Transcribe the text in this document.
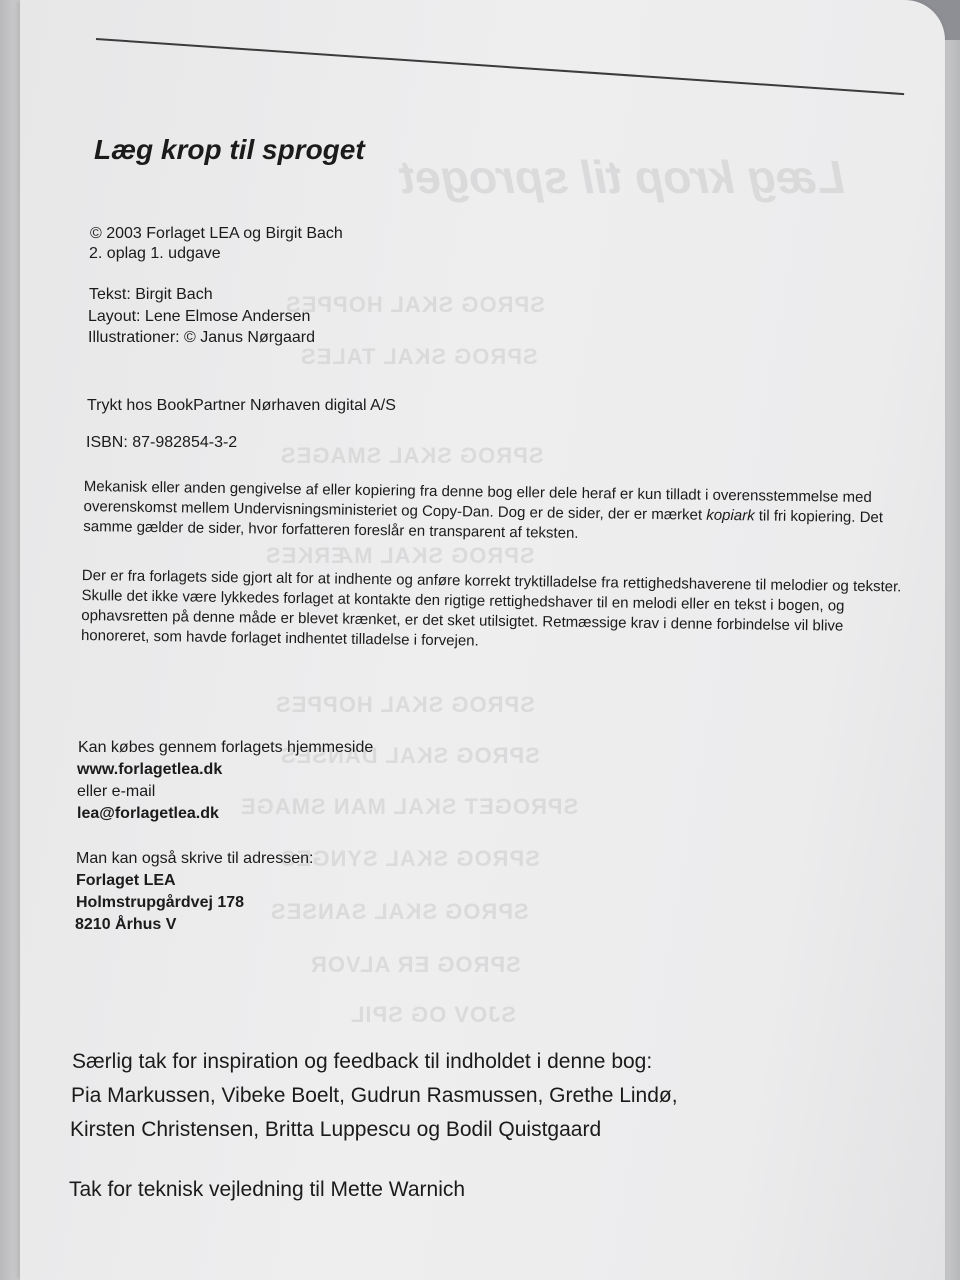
Læg krop til sproget
SPROG SKAL HOPPES
SPROG SKAL TALES
SPROG SKAL SMAGES
SPROG SKAL MÆRKES
SPROG SKAL HOPPES
SPROG SKAL DANSES
SPROGET SKAL MAN SMAGE
SPROG SKAL SYNGES
SPROG SKAL SANSES
SPROG ER ALVOR
SJOV OG SPIL
Læg krop til sproget
© 2003 Forlaget LEA og Birgit Bach
2. oplag 1. udgave
Tekst: Birgit Bach
Layout: Lene Elmose Andersen
Illustrationer: © Janus Nørgaard
Trykt hos BookPartner Nørhaven digital A/S
ISBN: 87-982854-3-2
Mekanisk eller anden gengivelse af eller kopiering fra denne bog eller dele heraf er kun tilladt i overensstemmelse med overenskomst mellem Undervisningsministeriet og Copy-Dan. Dog er de sider, der er mærket kopiark til fri kopiering. Det samme gælder de sider, hvor forfatteren foreslår en transparent af teksten.
Der er fra forlagets side gjort alt for at indhente og anføre korrekt tryktilladelse fra rettighedshaverene til melodier og tekster. Skulle det ikke være lykkedes forlaget at kontakte den rigtige rettighedshaver til en melodi eller en tekst i bogen, og ophavsretten på denne måde er blevet krænket, er det sket utilsigtet. Retmæssige krav i denne forbindelse vil blive honoreret, som havde forlaget indhentet tilladelse i forvejen.
Kan købes gennem forlagets hjemmeside
www.forlagetlea.dk
eller e-mail
lea@forlagetlea.dk
Man kan også skrive til adressen:
Forlaget LEA
Holmstrupgårdvej 178
8210 Århus V
Særlig tak for inspiration og feedback til indholdet i denne bog:
Pia Markussen, Vibeke Boelt, Gudrun Rasmussen, Grethe Lindø,
Kirsten Christensen, Britta Luppescu og Bodil Quistgaard
Tak for teknisk vejledning til Mette Warnich
